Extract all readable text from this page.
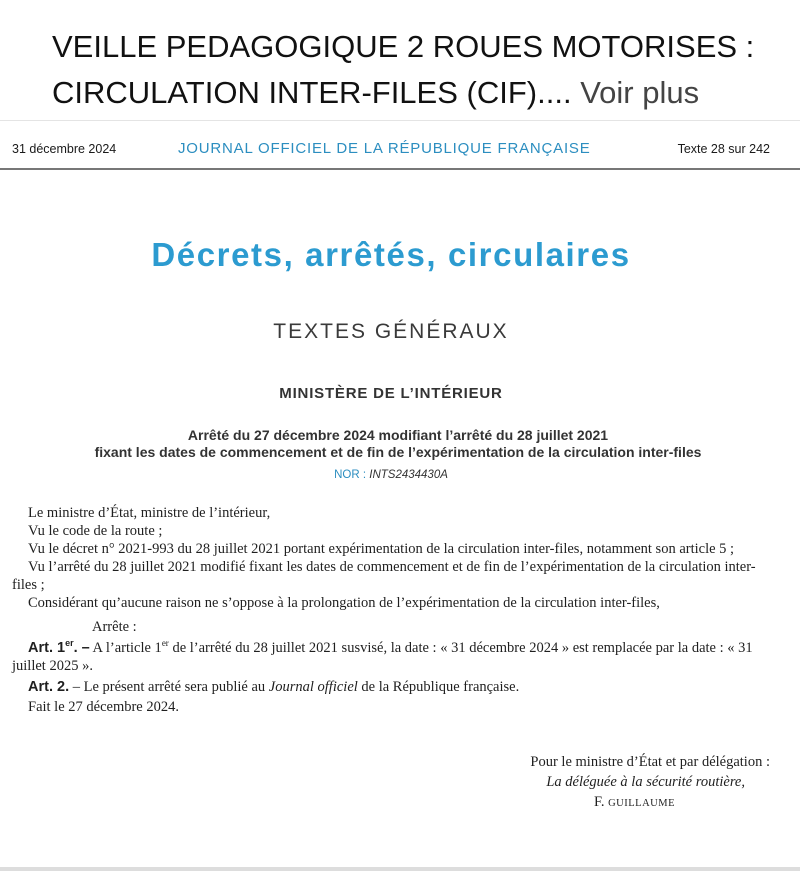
VEILLE PEDAGOGIQUE 2 ROUES MOTORISES : CIRCULATION INTER-FILES (CIF).... Voir plus
31 décembre 2024	JOURNAL OFFICIEL DE LA RÉPUBLIQUE FRANÇAISE	Texte 28 sur 242
Décrets, arrêtés, circulaires
TEXTES GÉNÉRAUX
MINISTÈRE DE L’INTÉRIEUR
Arrêté du 27 décembre 2024 modifiant l’arrêté du 28 juillet 2021
fixant les dates de commencement et de fin de l’expérimentation de la circulation inter-files
NOR : INTS2434430A

Le ministre d’État, ministre de l’intérieur,

Vu le code de la route ;

Vu le décret n° 2021-993 du 28 juillet 2021 portant expérimentation de la circulation inter-files, notamment son article 5 ;

Vu l’arrêté du 28 juillet 2021 modifié fixant les dates de commencement et de fin de l’expérimentation de la circulation inter-files ;

Considérant qu’aucune raison ne s’oppose à la prolongation de l’expérimentation de la circulation inter-files,

Arrête :

Art. 1er. – A l’article 1er de l’arrêté du 28 juillet 2021 susvisé, la date : « 31 décembre 2024 » est remplacée par la date : « 31 juillet 2025 ».

Art. 2. – Le présent arrêté sera publié au Journal officiel de la République française.

Fait le 27 décembre 2024.

Pour le ministre d’État et par délégation :

La déléguée à la sécurité routière,

F. GUILLAUME
